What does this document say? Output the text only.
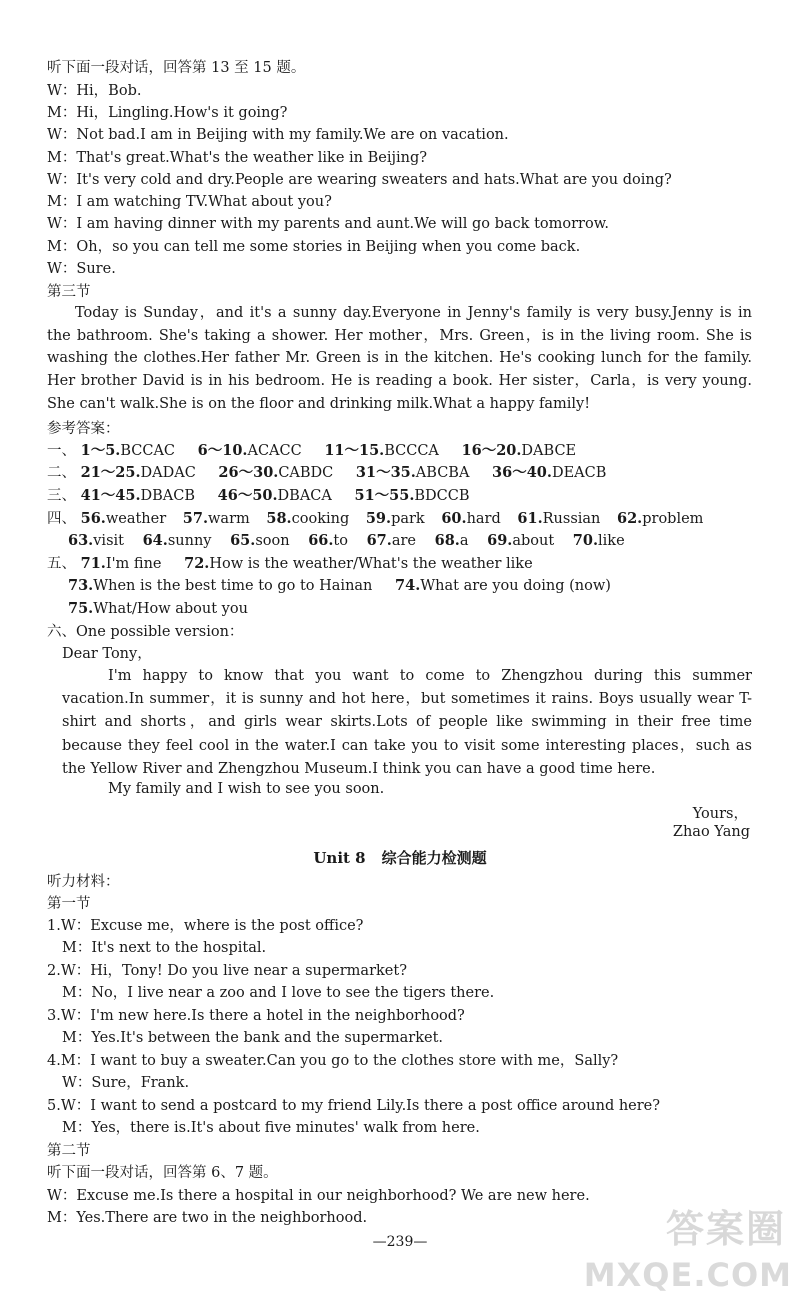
听下面一段对话，回答第 13 至 15 题。
W：Hi，Bob.
M：Hi，Lingling.How's it going?
W：Not bad.I am in Beijing with my family.We are on vacation.
M：That's great.What's the weather like in Beijing?
W：It's very cold and dry.People are wearing sweaters and hats.What are you doing?
M：I am watching TV.What about you?
W：I am having dinner with my parents and aunt.We will go back tomorrow.
M：Oh，so you can tell me some stories in Beijing when you come back.
W：Sure.
第三节

Today is Sunday，and it's a sunny day.Everyone in Jenny's family is very busy.Jenny is in the bathroom. She's taking a shower. Her mother，Mrs. Green，is in the living room. She is washing the clothes.Her father Mr. Green is in the kitchen. He's cooking lunch for the family. Her brother David is in his bedroom. He is reading a book. Her sister，Carla，is very young. She can't walk.She is on the floor and drinking milk.What a happy family!

参考答案：
一、 1～5.BCCAC 6～10.ACACC 11～15.BCCCA 16～20.DABCE
二、 21～25.DADAC 26～30.CABDC 31～35.ABCBA 36～40.DEACB
三、 41～45.DBACB 46～50.DBACA 51～55.BDCCB
四、 56.weather 57.warm 58.cooking 59.park 60.hard 61.Russian 62.problem
63.visit 64.sunny 65.soon 66.to 67.are 68.a 69.about 70.like
五、 71.I'm fine 72.How is the weather/What's the weather like
73.When is the best time to go to Hainan 74.What are you doing (now)
75.What/How about you
六、One possible version：
Dear Tony，

I'm happy to know that you want to come to Zhengzhou during this summer vacation.In summer，it is sunny and hot here，but sometimes it rains. Boys usually wear T-shirt and shorts，and girls wear skirts.Lots of people like swimming in their free time because they feel cool in the water.I can take you to visit some interesting places，such as the Yellow River and Zhengzhou Museum.I think you can have a good time here.

My family and I wish to see you soon.
Yours，
Zhao Yang
Unit 8 综合能力检测题
听力材料：
第一节
1.W：Excuse me，where is the post office?
M：It's next to the hospital.
2.W：Hi，Tony! Do you live near a supermarket?
M：No，I live near a zoo and I love to see the tigers there.
3.W：I'm new here.Is there a hotel in the neighborhood?
M：Yes.It's between the bank and the supermarket.
4.M：I want to buy a sweater.Can you go to the clothes store with me，Sally?
W：Sure，Frank.
5.W：I want to send a postcard to my friend Lily.Is there a post office around here?
M：Yes，there is.It's about five minutes' walk from here.
第二节
听下面一段对话，回答第 6、7 题。
W：Excuse me.Is there a hospital in our neighborhood? We are new here.
M：Yes.There are two in the neighborhood.
—239—	答案圈
MXQE.COM
